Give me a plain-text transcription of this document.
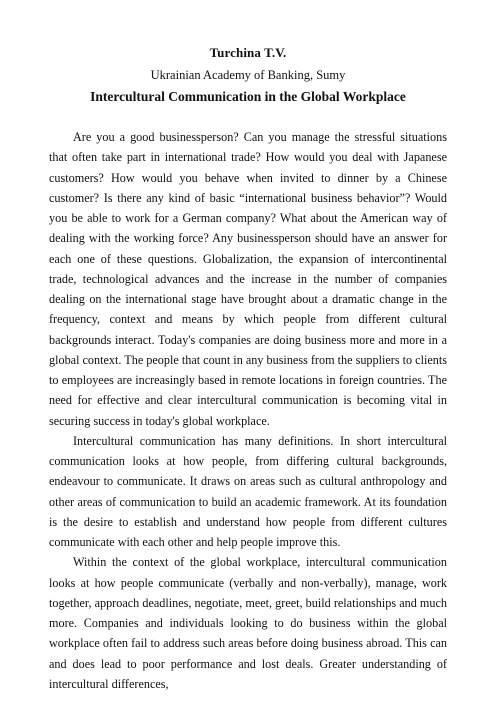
Turchina T.V.

Ukrainian Academy of Banking, Sumy

Intercultural Communication in the Global Workplace

Are you a good businessperson? Can you manage the stressful situations that often take part in international trade? How would you deal with Japanese customers? How would you behave when invited to dinner by a Chinese customer? Is there any kind of basic “international business behavior”? Would you be able to work for a German company? What about the American way of dealing with the working force? Any businessperson should have an answer for each one of these questions. Globalization, the expansion of intercontinental trade, technological advances and the increase in the number of companies dealing on the international stage have brought about a dramatic change in the frequency, context and means by which people from different cultural backgrounds interact. Today's companies are doing business more and more in a global context. The people that count in any business from the suppliers to clients to employees are increasingly based in remote locations in foreign countries. The need for effective and clear intercultural communication is becoming vital in securing success in today's global workplace.

Intercultural communication has many definitions. In short intercultural communication looks at how people, from differing cultural backgrounds, endeavour to communicate. It draws on areas such as cultural anthropology and other areas of communication to build an academic framework. At its foundation is the desire to establish and understand how people from different cultures communicate with each other and help people improve this.

Within the context of the global workplace, intercultural communication looks at how people communicate (verbally and non-verbally), manage, work together, approach deadlines, negotiate, meet, greet, build relationships and much more. Companies and individuals looking to do business within the global workplace often fail to address such areas before doing business abroad. This can and does lead to poor performance and lost deals. Greater understanding of intercultural differences,
